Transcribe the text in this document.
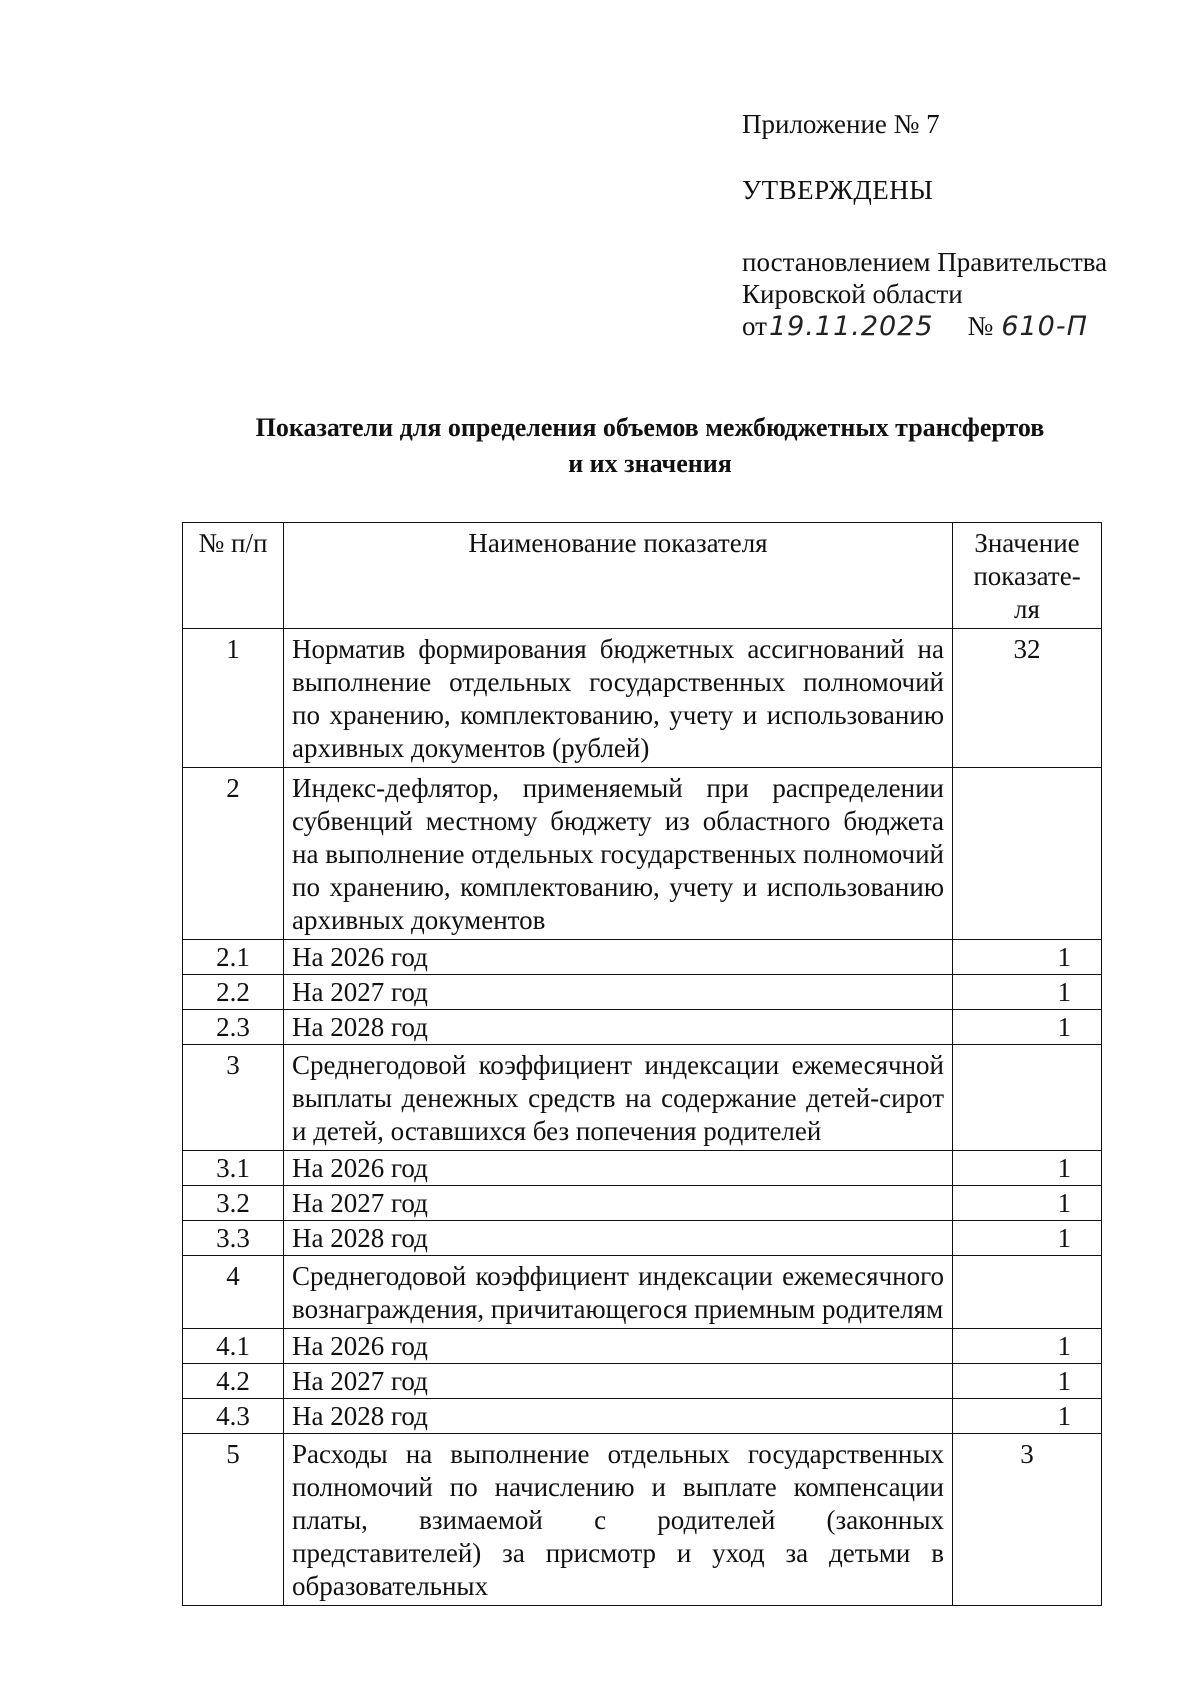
Приложение № 7
УТВЕРЖДЕНЫ
постановлением Правительства
Кировской области
от19.11.2025 № 610-П
Показатели для определения объемов межбюджетных трансфертов
и их значения
№ п/п	Наименование показателя	Значение показате-ля
1	Норматив формирования бюджетных ассигнований на выполнение отдельных государственных полномочий по хранению, комплектованию, учету и использованию архивных документов (рублей)	32
2	Индекс-дефлятор, применяемый при распределении субвенций местному бюджету из областного бюджета на выполнение отдельных государственных полномочий по хранению, комплектованию, учету и использованию архивных документов	
2.1	На 2026 год	1
2.2	На 2027 год	1
2.3	На 2028 год	1
3	Среднегодовой коэффициент индексации ежемесячной выплаты денежных средств на содержание детей-сирот и детей, оставшихся без попечения родителей	
3.1	На 2026 год	1
3.2	На 2027 год	1
3.3	На 2028 год	1
4	Среднегодовой коэффициент индексации ежемесячного вознаграждения, причитающегося приемным родителям	
4.1	На 2026 год	1
4.2	На 2027 год	1
4.3	На 2028 год	1
5	Расходы на выполнение отдельных государственных полномочий по начислению и выплате компенсации платы, взимаемой с родителей (законных представителей) за присмотр и уход за детьми в образовательных	3
